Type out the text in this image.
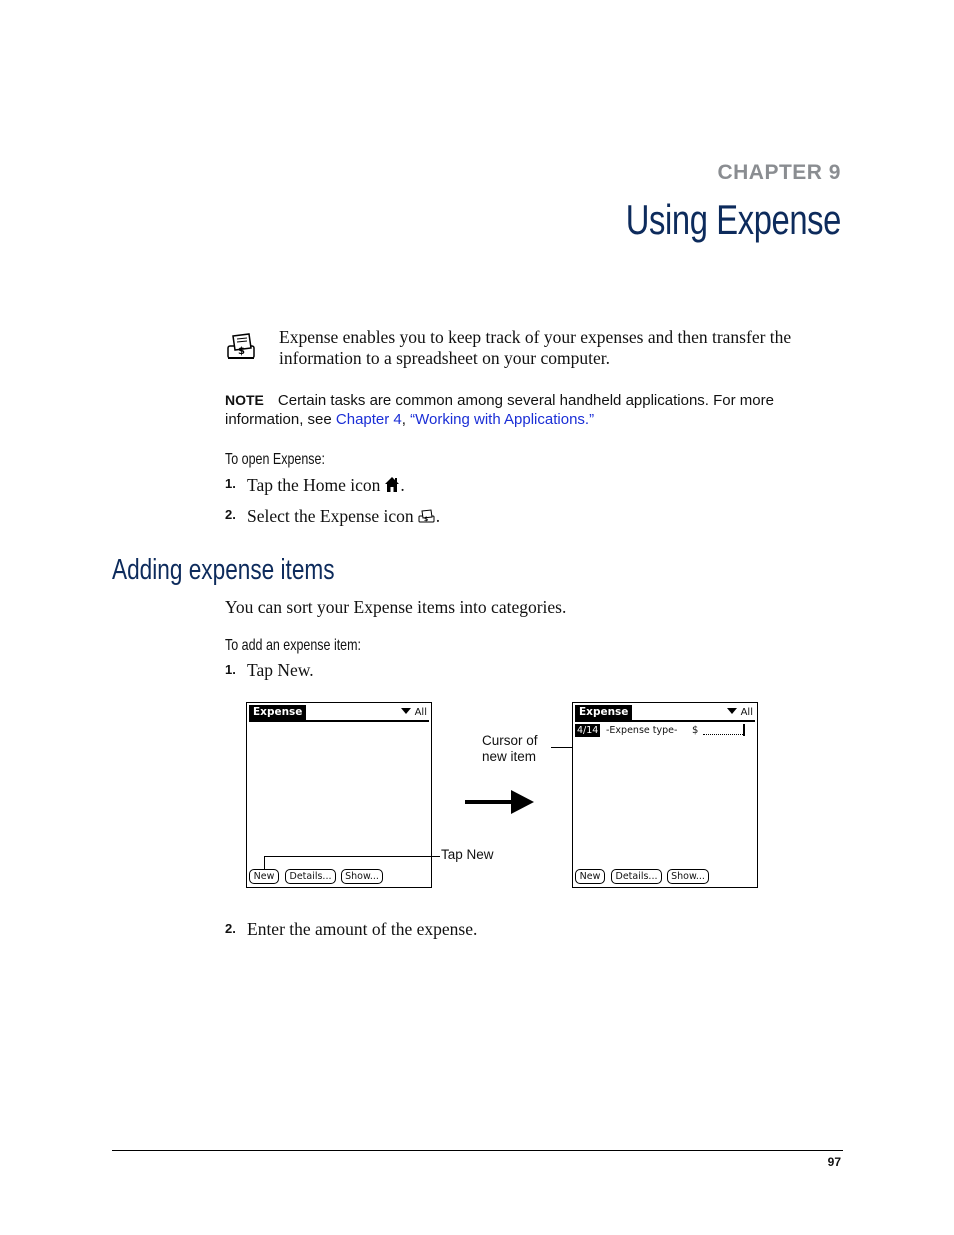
CHAPTER 9
Using Expense
$
Expense enables you to keep track of your expenses and then transfer the information to a spreadsheet on your computer.
NOTE Certain tasks are common among several handheld applications. For more information, see Chapter 4, “Working with Applications.”
To open Expense:
1. Tap the Home icon .
2. Select the Expense icon $ .
Adding expense items
You can sort your Expense items into categories.
To add an expense item:
1. Tap New.
Expense	All
New	Details...	Show...
Tap New
Cursor of
new item
Expense	All
4/14 -Expense type- $
New	Details...	Show...
2. Enter the amount of the expense.
97
